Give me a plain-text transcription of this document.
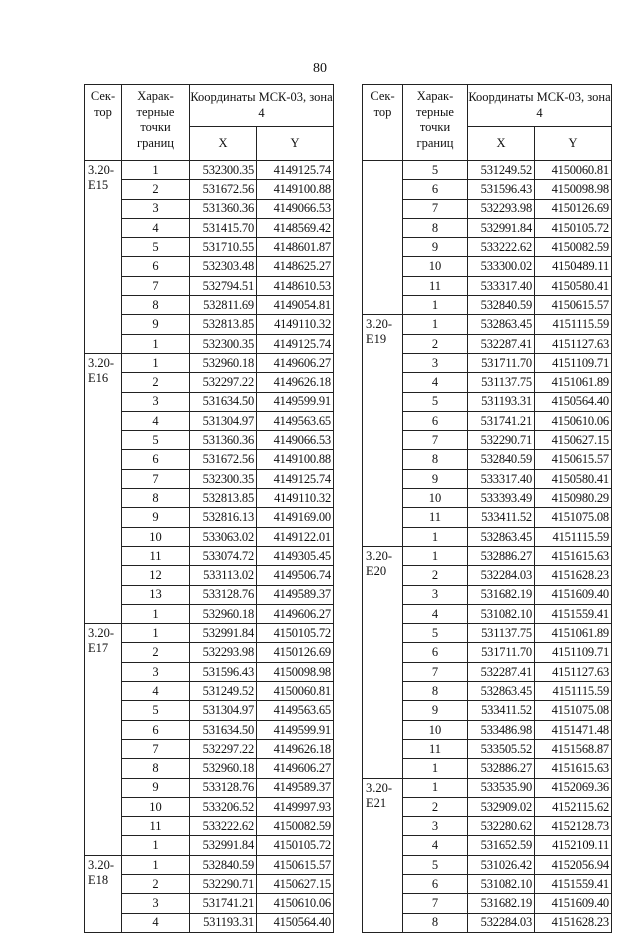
80
Сек-тор	Харак-терные точки границ	Координаты МСК-03, зона 4	
		X	Y
3.20-Е15	1	532300.35	4149125.74
	2	531672.56	4149100.88
	3	531360.36	4149066.53
	4	531415.70	4148569.42
	5	531710.55	4148601.87
	6	532303.48	4148625.27
	7	532794.51	4148610.53
	8	532811.69	4149054.81
	9	532813.85	4149110.32
	1	532300.35	4149125.74
3.20-Е16	1	532960.18	4149606.27
	2	532297.22	4149626.18
	3	531634.50	4149599.91
	4	531304.97	4149563.65
	5	531360.36	4149066.53
	6	531672.56	4149100.88
	7	532300.35	4149125.74
	8	532813.85	4149110.32
	9	532816.13	4149169.00
	10	533063.02	4149122.01
	11	533074.72	4149305.45
	12	533113.02	4149506.74
	13	533128.76	4149589.37
	1	532960.18	4149606.27
3.20-Е17	1	532991.84	4150105.72
	2	532293.98	4150126.69
	3	531596.43	4150098.98
	4	531249.52	4150060.81
	5	531304.97	4149563.65
	6	531634.50	4149599.91
	7	532297.22	4149626.18
	8	532960.18	4149606.27
	9	533128.76	4149589.37
	10	533206.52	4149997.93
	11	533222.62	4150082.59
	1	532991.84	4150105.72
3.20-Е18	1	532840.59	4150615.57
	2	532290.71	4150627.15
	3	531741.21	4150610.06
	4	531193.31	4150564.40
Сек-тор	Харак-терные точки границ	Координаты МСК-03, зона 4	
		X	Y
	5	531249.52	4150060.81
	6	531596.43	4150098.98
	7	532293.98	4150126.69
	8	532991.84	4150105.72
	9	533222.62	4150082.59
	10	533300.02	4150489.11
	11	533317.40	4150580.41
	1	532840.59	4150615.57
3.20-Е19	1	532863.45	4151115.59
	2	532287.41	4151127.63
	3	531711.70	4151109.71
	4	531137.75	4151061.89
	5	531193.31	4150564.40
	6	531741.21	4150610.06
	7	532290.71	4150627.15
	8	532840.59	4150615.57
	9	533317.40	4150580.41
	10	533393.49	4150980.29
	11	533411.52	4151075.08
	1	532863.45	4151115.59
3.20-Е20	1	532886.27	4151615.63
	2	532284.03	4151628.23
	3	531682.19	4151609.40
	4	531082.10	4151559.41
	5	531137.75	4151061.89
	6	531711.70	4151109.71
	7	532287.41	4151127.63
	8	532863.45	4151115.59
	9	533411.52	4151075.08
	10	533486.98	4151471.48
	11	533505.52	4151568.87
	1	532886.27	4151615.63
3.20-Е21	1	533535.90	4152069.36
	2	532909.02	4152115.62
	3	532280.62	4152128.73
	4	531652.59	4152109.11
	5	531026.42	4152056.94
	6	531082.10	4151559.41
	7	531682.19	4151609.40
	8	532284.03	4151628.23
